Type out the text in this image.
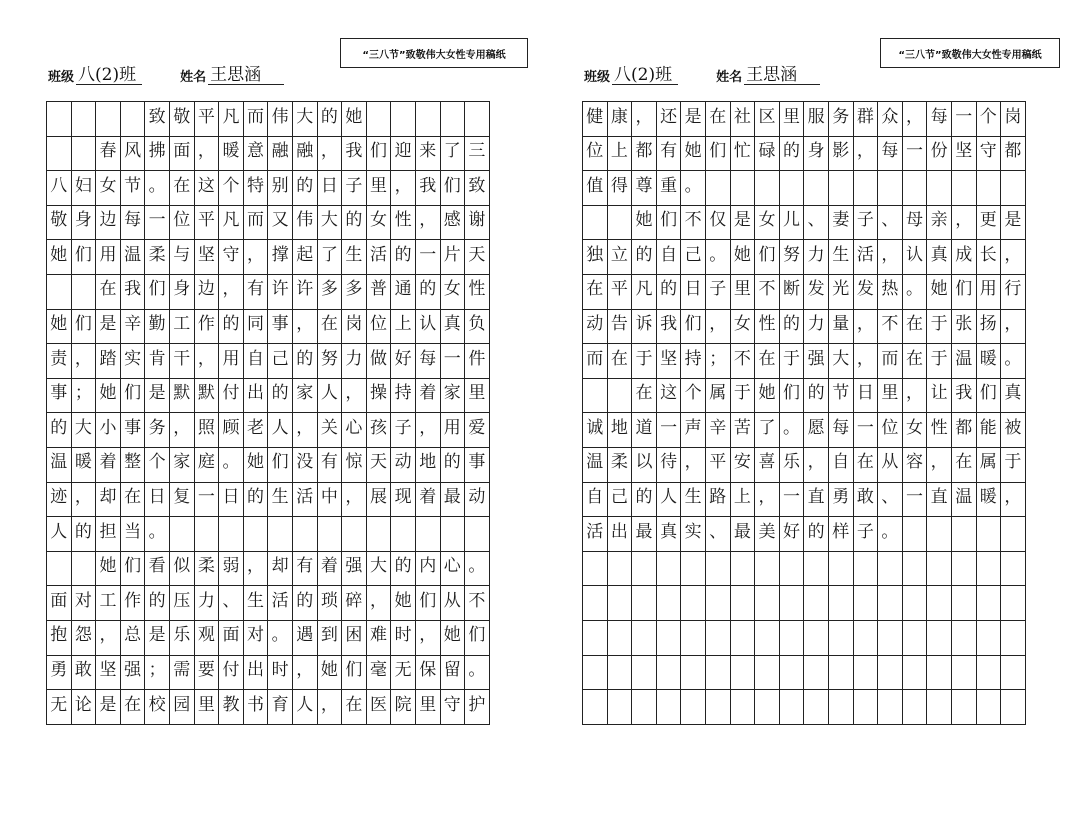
“三八节”致敬伟大女性专用稿纸
班级 八(2)班	姓名 王思涵
致 敬 平 凡 而 伟 大 的 她
春 风 拂 面 ， 暖 意 融 融 ， 我 们 迎 来 了 三
八 妇 女 节 。 在 这 个 特 别 的 日 子 里 ， 我 们 致
敬 身 边 每 一 位 平 凡 而 又 伟 大 的 女 性 ， 感 谢
她 们 用 温 柔 与 坚 守 ， 撑 起 了 生 活 的 一 片 天
在 我 们 身 边 ， 有 许 许 多 多 普 通 的 女 性
她 们 是 辛 勤 工 作 的 同 事 ， 在 岗 位 上 认 真 负
责 ， 踏 实 肯 干 ， 用 自 己 的 努 力 做 好 每 一 件
事 ； 她 们 是 默 默 付 出 的 家 人 ， 操 持 着 家 里
的 大 小 事 务 ， 照 顾 老 人 ， 关 心 孩 子 ， 用 爱
温 暖 着 整 个 家 庭 。 她 们 没 有 惊 天 动 地 的 事
迹 ， 却 在 日 复 一 日 的 生 活 中 ， 展 现 着 最 动
人 的 担 当 。
她 们 看 似 柔 弱 ， 却 有 着 强 大 的 内 心 。
面 对 工 作 的 压 力 、 生 活 的 琐 碎 ， 她 们 从 不
抱 怨 ， 总 是 乐 观 面 对 。 遇 到 困 难 时 ， 她 们
勇 敢 坚 强 ； 需 要 付 出 时 ， 她 们 毫 无 保 留 。
无 论 是 在 校 园 里 教 书 育 人 ， 在 医 院 里 守 护
“三八节”致敬伟大女性专用稿纸
班级 八(2)班	姓名 王思涵
健 康 ， 还 是 在 社 区 里 服 务 群 众 ， 每 一 个 岗
位 上 都 有 她 们 忙 碌 的 身 影 ， 每 一 份 坚 守 都
值 得 尊 重 。
她 们 不 仅 是 女 儿 、 妻 子 、 母 亲 ， 更 是
独 立 的 自 己 。 她 们 努 力 生 活 ， 认 真 成 长 ，
在 平 凡 的 日 子 里 不 断 发 光 发 热 。 她 们 用 行
动 告 诉 我 们 ， 女 性 的 力 量 ， 不 在 于 张 扬 ，
而 在 于 坚 持 ； 不 在 于 强 大 ， 而 在 于 温 暖 。
在 这 个 属 于 她 们 的 节 日 里 ， 让 我 们 真
诚 地 道 一 声 辛 苦 了 。 愿 每 一 位 女 性 都 能 被
温 柔 以 待 ， 平 安 喜 乐 ， 自 在 从 容 ， 在 属 于
自 己 的 人 生 路 上 ， 一 直 勇 敢 、 一 直 温 暖 ，
活 出 最 真 实 、 最 美 好 的 样 子 。
